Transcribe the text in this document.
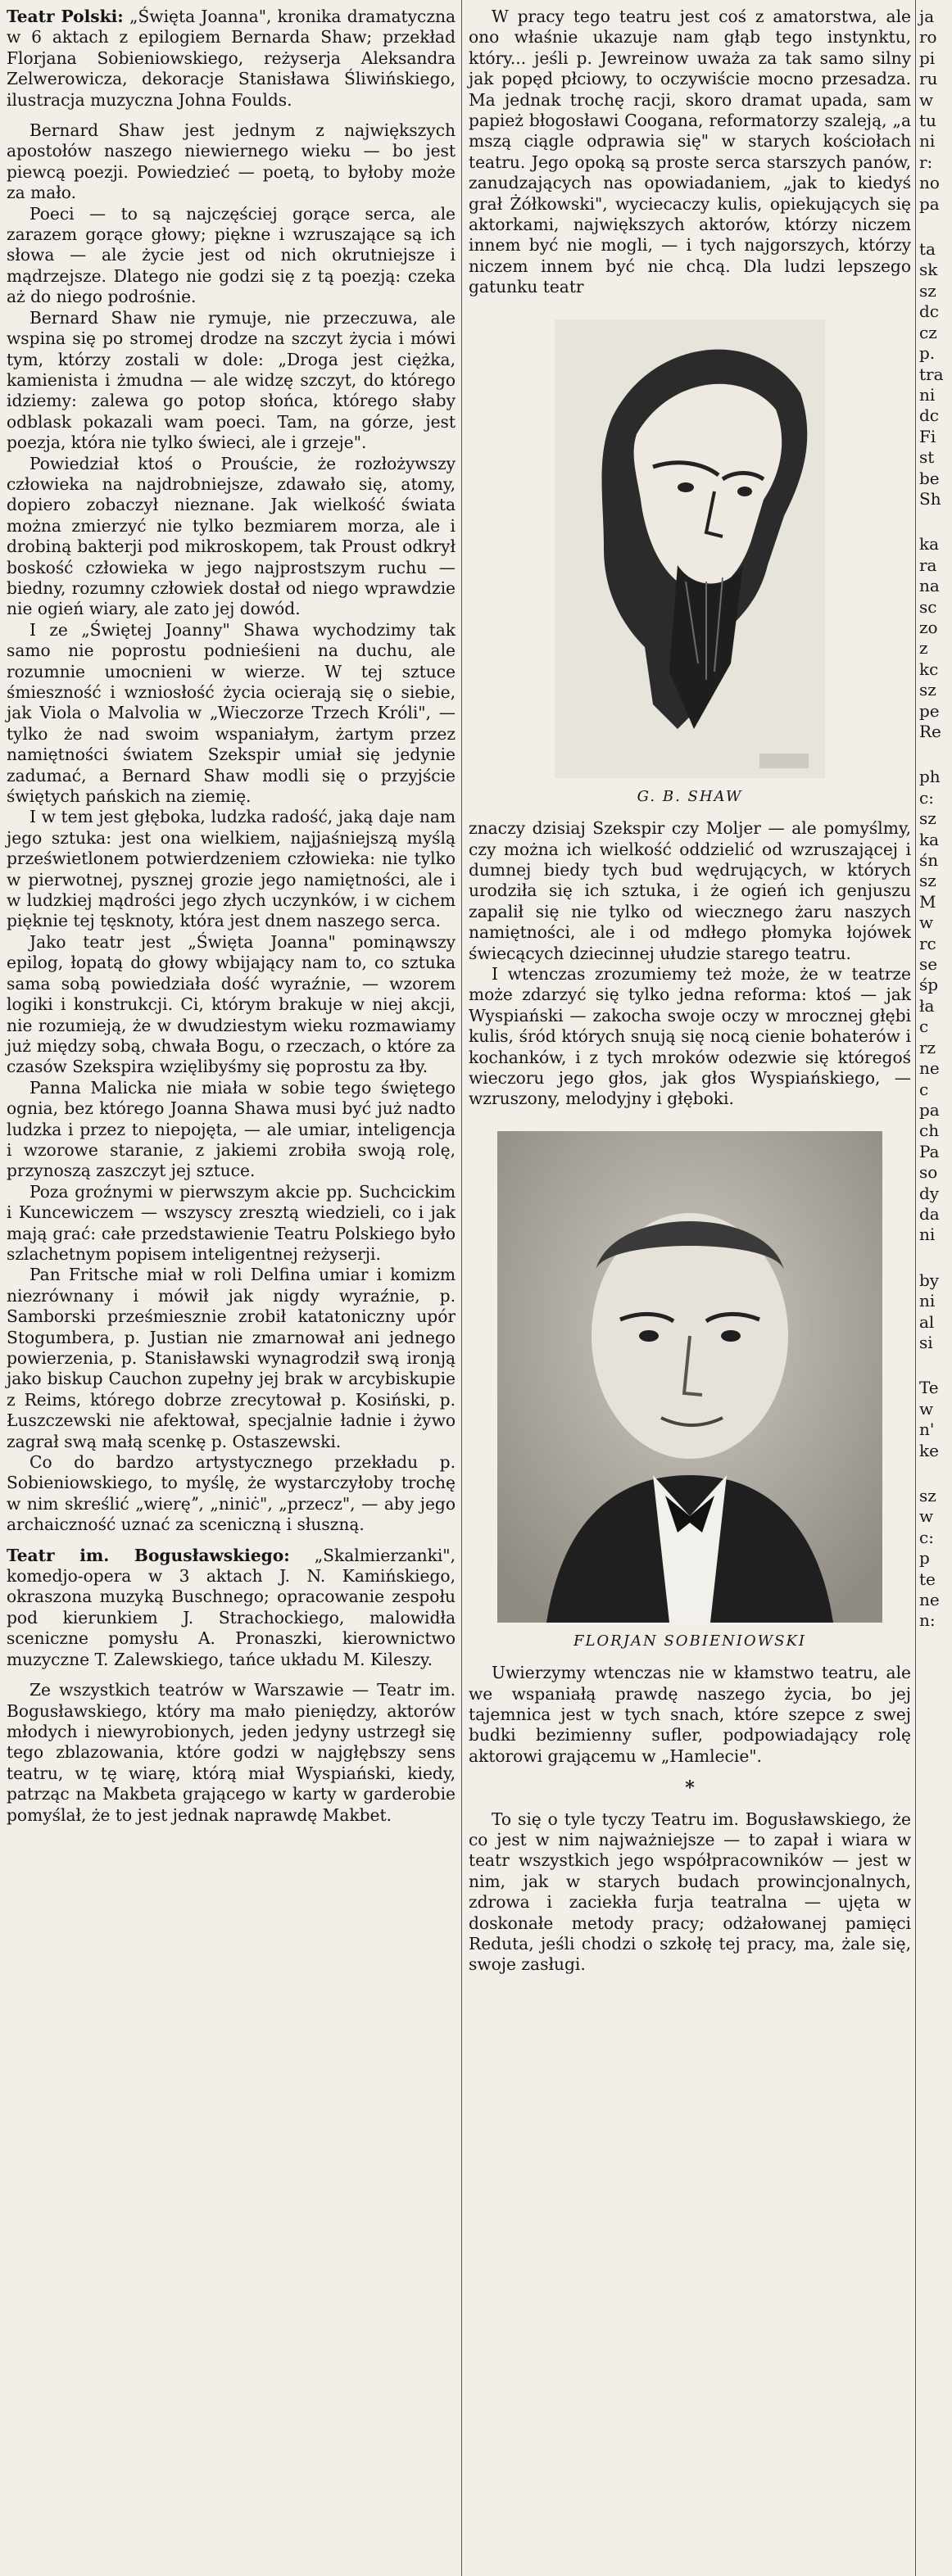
Teatr Polski: „Święta Joanna", kronika dramatyczna w 6 aktach z epilogiem Bernarda Shaw; przekład Florjana Sobieniowskiego, reżyserja Aleksandra Zelwerowicza, dekoracje Stanisława Śliwińskiego, ilustracja muzyczna Johna Foulds.

Bernard Shaw jest jednym z największych apostołów naszego niewiernego wieku — bo jest piewcą poezji. Powiedzieć — poetą, to byłoby może za mało.

Poeci — to są najczęściej gorące serca, ale zarazem gorące głowy; piękne i wzruszające są ich słowa — ale życie jest od nich okrutniejsze i mądrzejsze. Dlatego nie godzi się z tą poezją: czeka aż do niego podrośnie.

Bernard Shaw nie rymuje, nie przeczuwa, ale wspina się po stromej drodze na szczyt życia i mówi tym, którzy zostali w dole: „Droga jest ciężka, kamienista i żmudna — ale widzę szczyt, do którego idziemy: zalewa go potop słońca, którego słaby odblask pokazali wam poeci. Tam, na górze, jest poezja, która nie tylko świeci, ale i grzeje".

Powiedział ktoś o Prouście, że rozłożywszy człowieka na najdrobniejsze, zdawało się, atomy, dopiero zobaczył nieznane. Jak wielkość świata można zmierzyć nie tylko bezmiarem morza, ale i drobiną bakterji pod mikroskopem, tak Proust odkrył boskość człowieka w jego najprostszym ruchu — biedny, rozumny człowiek dostał od niego wprawdzie nie ogień wiary, ale zato jej dowód.

I ze „Świętej Joanny" Shawa wychodzimy tak samo nie poprostu podnieśieni na duchu, ale rozumnie umocnieni w wierze. W tej sztuce śmieszność i wzniosłość życia ocierają się o siebie, jak Viola o Malvolia w „Wieczorze Trzech Króli", — tylko że nad swoim wspaniałym, żartym przez namiętności światem Szekspir umiał się jedynie zadumać, a Bernard Shaw modli się o przyjście świętych pańskich na ziemię.

I w tem jest głęboka, ludzka radość, jaką daje nam jego sztuka: jest ona wielkiem, najjaśniejszą myślą prześwietlonem potwierdzeniem człowieka: nie tylko w pierwotnej, pysznej grozie jego namiętności, ale i w ludzkiej mądrości jego złych uczynków, i w cichem pięknie tej tęsknoty, która jest dnem naszego serca.

Jako teatr jest „Święta Joanna" pominąwszy epilog, łopatą do głowy wbijający nam to, co sztuka sama sobą powiedziała dość wyraźnie, — wzorem logiki i konstrukcji. Ci, którym brakuje w niej akcji, nie rozumieją, że w dwudziestym wieku rozmawiamy już między sobą, chwała Bogu, o rzeczach, o które za czasów Szekspira wzięlibyśmy się poprostu za łby.

Panna Malicka nie miała w sobie tego świętego ognia, bez którego Joanna Shawa musi być już nadto ludzka i przez to niepojęta, — ale umiar, inteligencja i wzorowe staranie, z jakiemi zrobiła swoją rolę, przynoszą zaszczyt jej sztuce.

Poza groźnymi w pierwszym akcie pp. Suchcickim i Kuncewiczem — wszyscy zresztą wiedzieli, co i jak mają grać: całe przedstawienie Teatru Polskiego było szlachetnym popisem inteligentnej reżyserji.

Pan Fritsche miał w roli Delfina umiar i komizm niezrównany i mówił jak nigdy wyraźnie, p. Samborski prześmiesznie zrobił katatoniczny upór Stogumbera, p. Justian nie zmarnował ani jednego powierzenia, p. Stanisławski wynagrodził swą ironją jako biskup Cauchon zupełny jej brak w arcybiskupie z Reims, którego dobrze zrecytował p. Kosiński, p. Łuszczewski nie afektował, specjalnie ładnie i żywo zagrał swą małą scenkę p. Ostaszewski.

Co do bardzo artystycznego przekładu p. Sobieniowskiego, to myślę, że wystarczyłoby trochę w nim skreślić „wieręˮ, „niniċ", „przecz", — aby jego archaiczność uznać za sceniczną i słuszną.

Teatr im. Bogusławskiego: „Skalmierzanki", komedjo-opera w 3 aktach J. N. Kamińskiego, okraszona muzyką Buschnego; opracowanie zespołu pod kierunkiem J. Strachockiego, malowidła sceniczne pomysłu A. Pronaszki, kierownictwo muzyczne T. Zalewskiego, tańce układu M. Kileszy.

Ze wszystkich teatrów w Warszawie — Teatr im. Bogusławskiego, który ma mało pieniędzy, aktorów młodych i niewyrobionych, jeden jedyny ustrzegł się tego zblazowania, które godzi w najgłębszy sens teatru, w tę wiarę, którą miał Wyspiański, kiedy, patrząc na Makbeta grającego w karty w garderobie pomyślał, że to jest jednak naprawdę Makbet.

W pracy tego teatru jest coś z amatorstwa, ale ono właśnie ukazuje nam głąb tego instynktu, który... jeśli p. Jewreinow uważa za tak samo silny jak popęd płciowy, to oczywiście mocno przesadza. Ma jednak trochę racji, skoro dramat upada, sam papież błogosławi Coogana, reformatorzy szaleją, „a mszą ciągle odprawia się" w starych kościołach teatru. Jego opoką są proste serca starszych panów, zanudzających nas opowiadaniem, „jak to kiedyś grał Żółkowski", wyciecaczy kulis, opiekujących się aktorkami, największych aktorów, którzy niczem innem być nie mogli, — i tych najgorszych, którzy niczem innem być nie chcą. Dla ludzi lepszego gatunku teatr

G. B. SHAW

znaczy dzisiaj Szekspir czy Moljer — ale pomyślmy, czy można ich wielkość oddzielić od wzruszającej i dumnej biedy tych bud wędrujących, w których urodziła się ich sztuka, i że ogień ich genjuszu zapalił się nie tylko od wiecznego żaru naszych namiętności, ale i od mdłego płomyka łojówek świecących dziecinnej ułudzie starego teatru.

I wtenczas zrozumiemy też może, że w teatrze może zdarzyć się tylko jedna reforma: ktoś — jak Wyspiański — zakocha swoje oczy w mrocznej głębi kulis, śród których snują się nocą cienie bohaterów i kochanków, i z tych mroków odezwie się któregoś wieczoru jego głos, jak głos Wyspiańskiego, — wzruszony, melodyjny i głęboki.

FLORJAN SOBIENIOWSKI

Uwierzymy wtenczas nie w kłamstwo teatru, ale we wspaniałą prawdę naszego życia, bo jej tajemnica jest w tych snach, które szepce z swej budki bezimienny sufler, podpowiadający rolę aktorowi grającemu w „Hamlecie".

*

To się o tyle tyczy Teatru im. Bogusławskiego, że co jest w nim najważniejsze — to zapał i wiara w teatr wszystkich jego współpracowników — jest w nim, jak w starych budach prowincjonalnych, zdrowa i zaciekła furja teatralna — ujęta w doskonałe metody pracy; odżałowanej pamięci Reduta, jeśli chodzi o szkołę tej pracy, ma, żale się, swoje zasługi.

ja
ro
pi
ru
w
tu
ni
r:
no
pa
ta
sk
sz
dc
cz
p.
tra
ni
dc
Fi
st
be
Sh
ka
ra
na
sc
zo
z
kc
sz
pe
Re
ph
c:
sz
ka
śn
sz
M
w
rc
se
śp
ła
c
rz
ne
c
pa
ch
Pa
so
dy
da
ni
by
ni
al
si
Te
w
n'
ke
sz
w
c:
p
te
ne
n:
